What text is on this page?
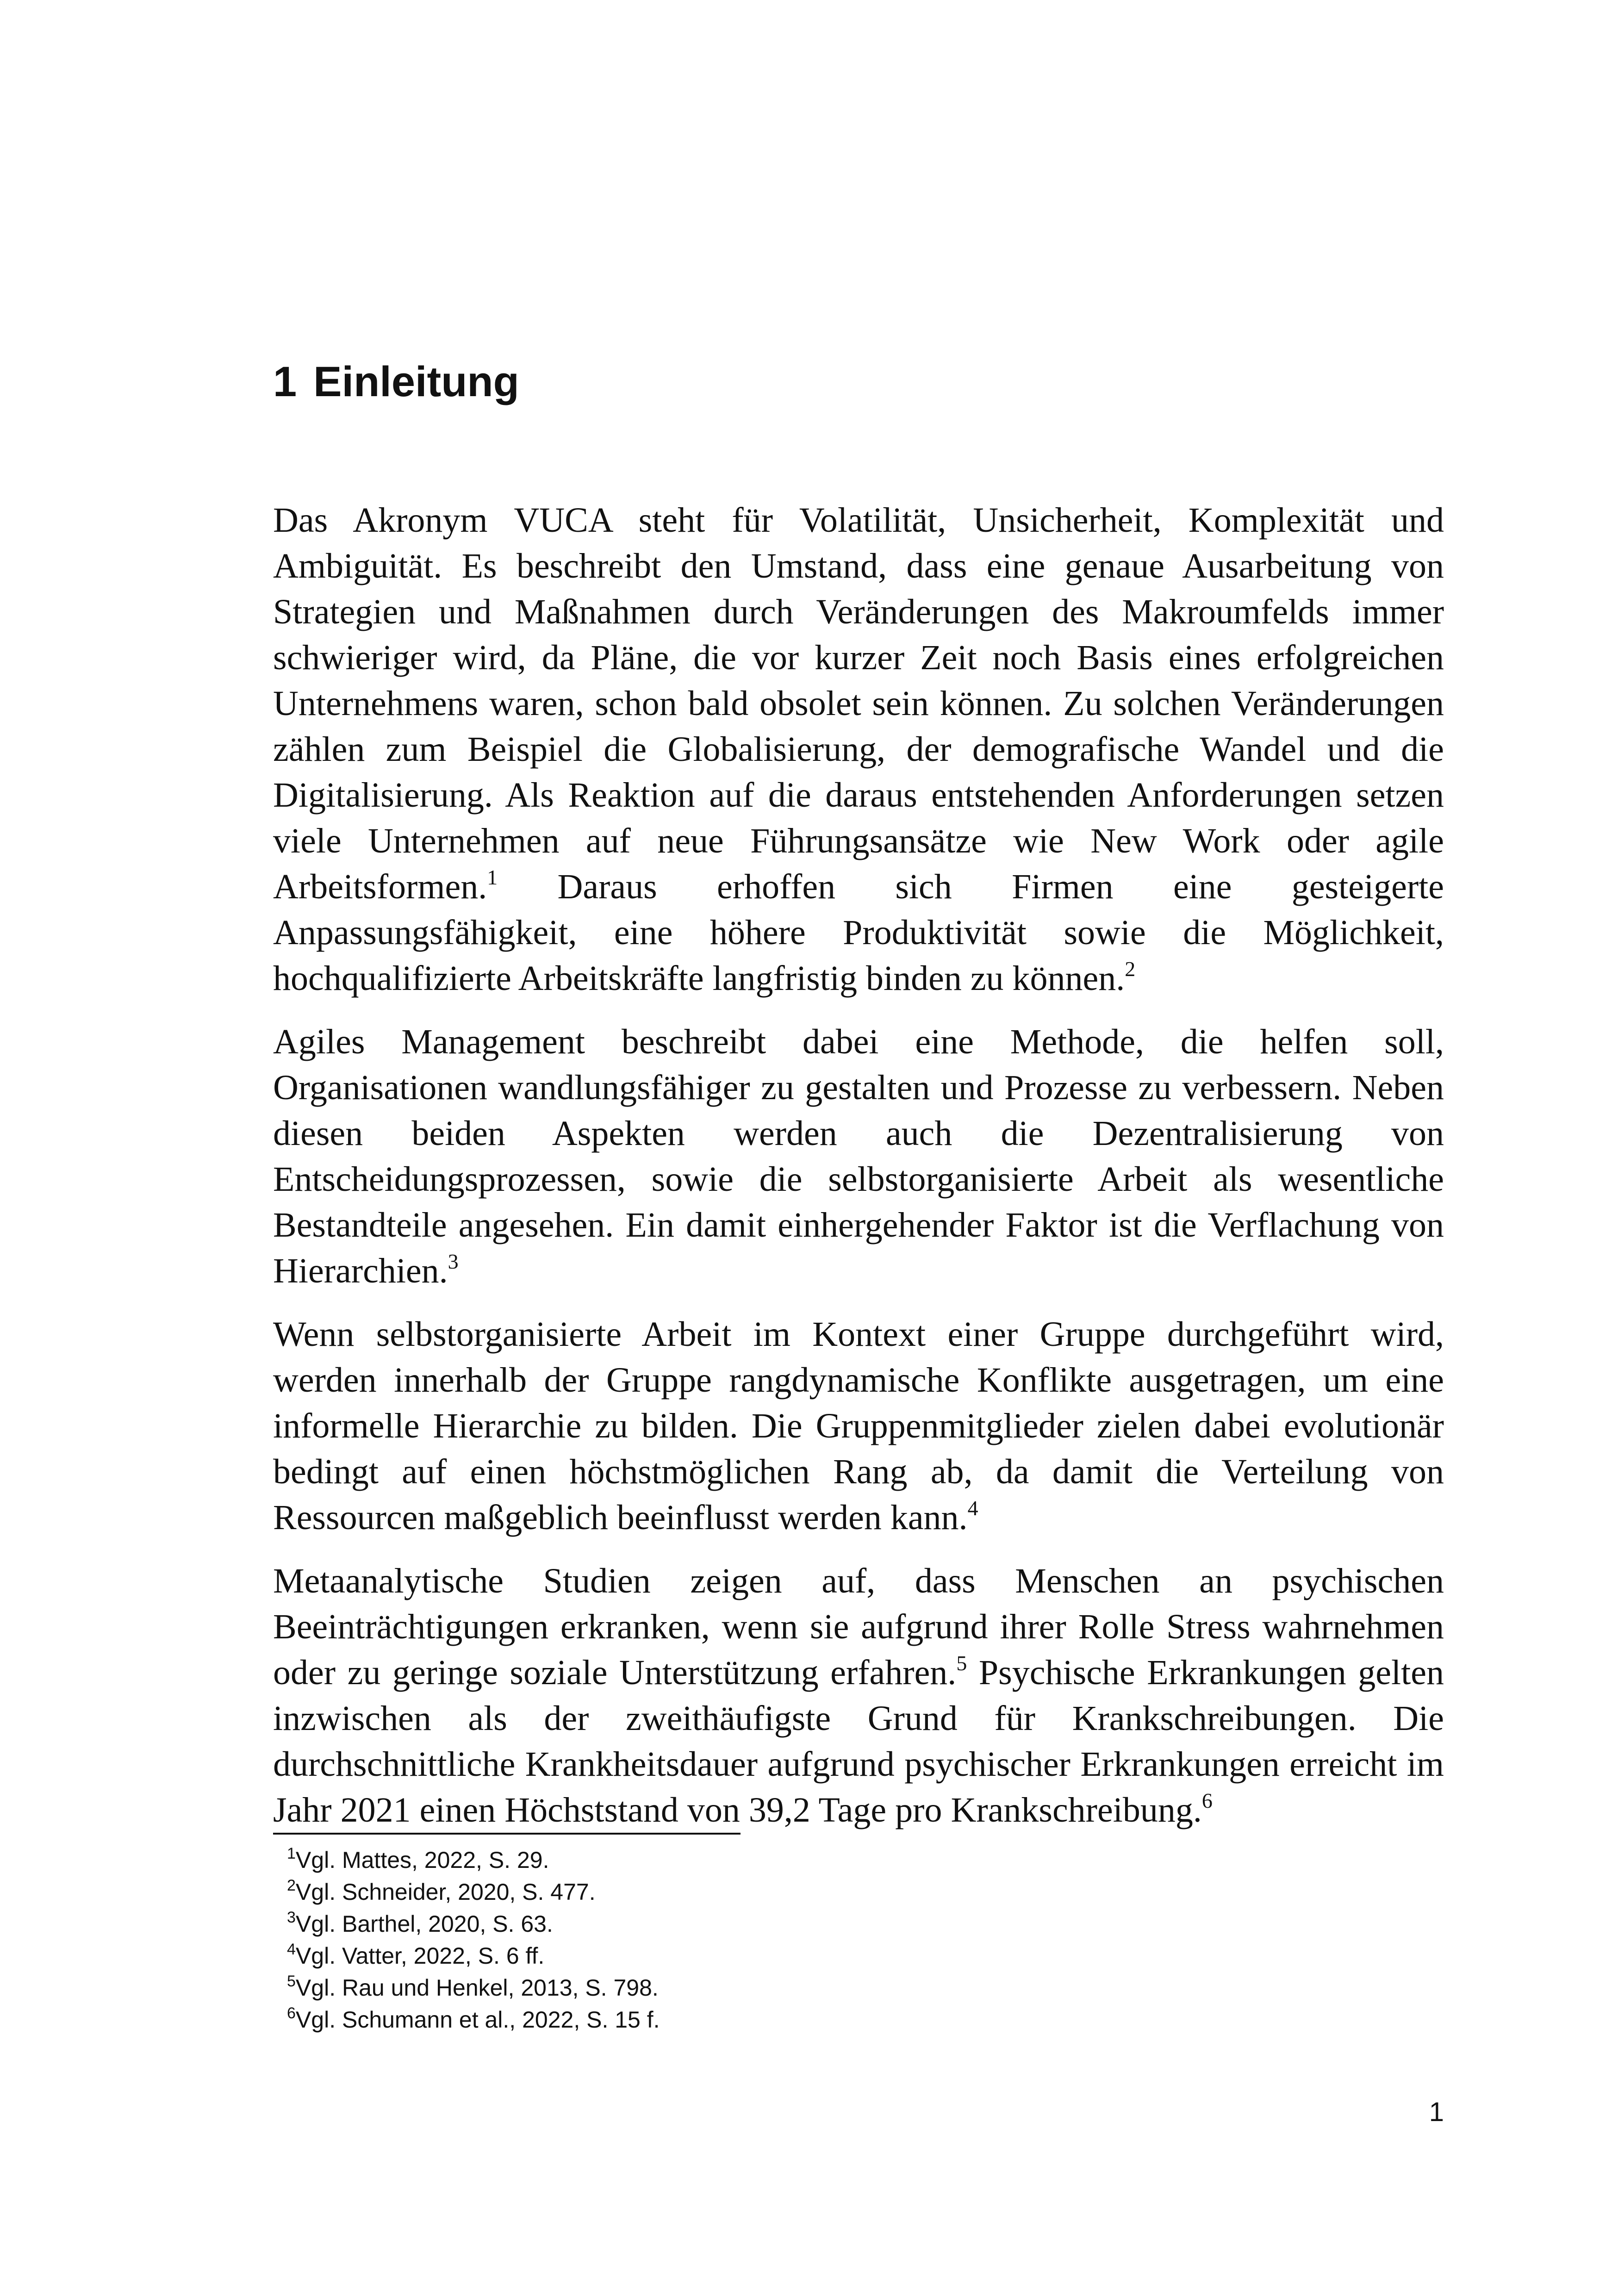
1 Einleitung

Das Akronym VUCA steht für Volatilität, Unsicherheit, Komplexität und Ambiguität. Es beschreibt den Umstand, dass eine genaue Ausarbeitung von Strategien und Maßnahmen durch Veränderungen des Makroumfelds immer schwieriger wird, da Pläne, die vor kurzer Zeit noch Basis eines erfolgreichen Unternehmens waren, schon bald obsolet sein können. Zu solchen Veränderungen zählen zum Beispiel die Globalisierung, der demografische Wandel und die Digitalisierung. Als Reaktion auf die daraus entstehenden Anforderungen setzen viele Unternehmen auf neue Führungsansätze wie New Work oder agile Arbeitsformen.$^1$ Daraus erhoffen sich Firmen eine gesteigerte Anpassungsfähigkeit, eine höhere Produktivität sowie die Möglichkeit, hochqualifizierte Arbeitskräfte langfristig binden zu können.$^2$

Agiles Management beschreibt dabei eine Methode, die helfen soll, Organisationen wandlungsfähiger zu gestalten und Prozesse zu verbessern. Neben diesen beiden Aspekten werden auch die Dezentralisierung von Entscheidungsprozessen, sowie die selbstorganisierte Arbeit als wesentliche Bestandteile angesehen. Ein damit einhergehender Faktor ist die Verflachung von Hierarchien.$^3$

Wenn selbstorganisierte Arbeit im Kontext einer Gruppe durchgeführt wird, werden innerhalb der Gruppe rangdynamische Konflikte ausgetragen, um eine informelle Hierarchie zu bilden. Die Gruppenmitglieder zielen dabei evolutionär bedingt auf einen höchstmöglichen Rang ab, da damit die Verteilung von Ressourcen maßgeblich beeinflusst werden kann.$^4$

Metaanalytische Studien zeigen auf, dass Menschen an psychischen Beeinträchtigungen erkranken, wenn sie aufgrund ihrer Rolle Stress wahrnehmen oder zu geringe soziale Unterstützung erfahren.$^5$ Psychische Erkrankungen gelten inzwischen als der zweithäufigste Grund für Krankschreibungen. Die durchschnittliche Krankheitsdauer aufgrund psychischer Erkrankungen erreicht im Jahr 2021 einen Höchststand von 39,2 Tage pro Krankschreibung.$^6$

$^1$Vgl. Mattes, 2022, S. 29.
$^2$Vgl. Schneider, 2020, S. 477.
$^3$Vgl. Barthel, 2020, S. 63.
$^4$Vgl. Vatter, 2022, S. 6 ff.
$^5$Vgl. Rau und Henkel, 2013, S. 798.
$^6$Vgl. Schumann et al., 2022, S. 15 f.
1
